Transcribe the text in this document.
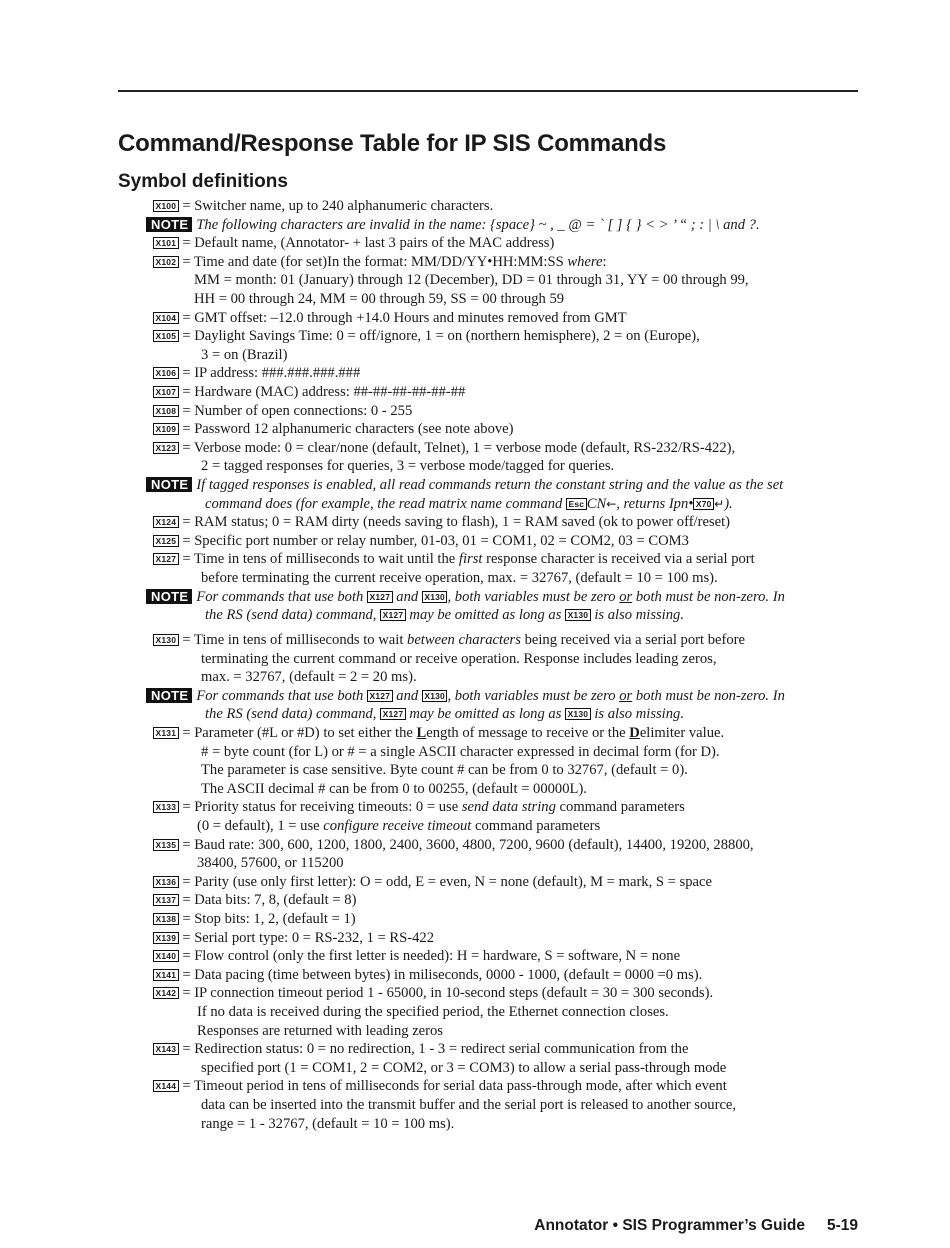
Command/Response Table for IP SIS Commands
Symbol definitions
X100 = Switcher name, up to 240 alphanumeric characters.
NOTE The following characters are invalid in the name: {space} ~ , _ @ = ` [ ] { } < > ’ “ ; : | \ and ?.
X101 = Default name, (Annotator- + last 3 pairs of the MAC address)
X102 = Time and date (for set)In the format: MM/DD/YY•HH:MM:SS where:
MM = month: 01 (January) through 12 (December), DD = 01 through 31, YY = 00 through 99,
HH = 00 through 24, MM = 00 through 59, SS = 00 through 59
X104 = GMT offset: –12.0 through +14.0 Hours and minutes removed from GMT
X105 = Daylight Savings Time: 0 = off/ignore, 1 = on (northern hemisphere), 2 = on (Europe),
3 = on (Brazil)
X106 = IP address: ###.###.###.###
X107 = Hardware (MAC) address: ##-##-##-##-##-##
X108 = Number of open connections: 0 - 255
X109 = Password 12 alphanumeric characters (see note above)
X123 = Verbose mode: 0 = clear/none (default, Telnet), 1 = verbose mode (default, RS-232/RS-422),
2 = tagged responses for queries, 3 = verbose mode/tagged for queries.
NOTE If tagged responses is enabled, all read commands return the constant string and the value as the set
command does (for example, the read matrix name command Esc CN←, returns Ipn• X70 ↵).
X124 = RAM status; 0 = RAM dirty (needs saving to flash), 1 = RAM saved (ok to power off/reset)
X125 = Specific port number or relay number, 01-03, 01 = COM1, 02 = COM2, 03 = COM3
X127 = Time in tens of milliseconds to wait until the first response character is received via a serial port
before terminating the current receive operation, max. = 32767, (default = 10 = 100 ms).
NOTE For commands that use both X127 and X130 , both variables must be zero or both must be non-zero. In
the RS (send data) command, X127 may be omitted as long as X130 is also missing.
X130 = Time in tens of milliseconds to wait between characters being received via a serial port before
terminating the current command or receive operation. Response includes leading zeros,
max. = 32767, (default = 2 = 20 ms).
NOTE For commands that use both X127 and X130 , both variables must be zero or both must be non-zero. In
the RS (send data) command, X127 may be omitted as long as X130 is also missing.
X131 = Parameter (#L or #D) to set either the Length of message to receive or the Delimiter value.
# = byte count (for L) or # = a single ASCII character expressed in decimal form (for D).
The parameter is case sensitive. Byte count # can be from 0 to 32767, (default = 0).
The ASCII decimal # can be from 0 to 00255, (default = 00000L).
X133 = Priority status for receiving timeouts: 0 = use send data string command parameters
(0 = default), 1 = use configure receive timeout command parameters
X135 = Baud rate: 300, 600, 1200, 1800, 2400, 3600, 4800, 7200, 9600 (default), 14400, 19200, 28800,
38400, 57600, or 115200
X136 = Parity (use only first letter): O = odd, E = even, N = none (default), M = mark, S = space
X137 = Data bits: 7, 8, (default = 8)
X138 = Stop bits: 1, 2, (default = 1)
X139 = Serial port type: 0 = RS-232, 1 = RS-422
X140 = Flow control (only the first letter is needed): H = hardware, S = software, N = none
X141 = Data pacing (time between bytes) in miliseconds, 0000 - 1000, (default = 0000 =0 ms).
X142 = IP connection timeout period 1 - 65000, in 10-second steps (default = 30 = 300 seconds).
If no data is received during the specified period, the Ethernet connection closes.
Responses are returned with leading zeros
X143 = Redirection status: 0 = no redirection, 1 - 3 = redirect serial communication from the
specified port (1 = COM1, 2 = COM2, or 3 = COM3) to allow a serial pass-through mode
X144 = Timeout period in tens of milliseconds for serial data pass-through mode, after which event
data can be inserted into the transmit buffer and the serial port is released to another source,
range = 1 - 32767, (default = 10 = 100 ms).
Annotator • SIS Programmer’s Guide 5-19
